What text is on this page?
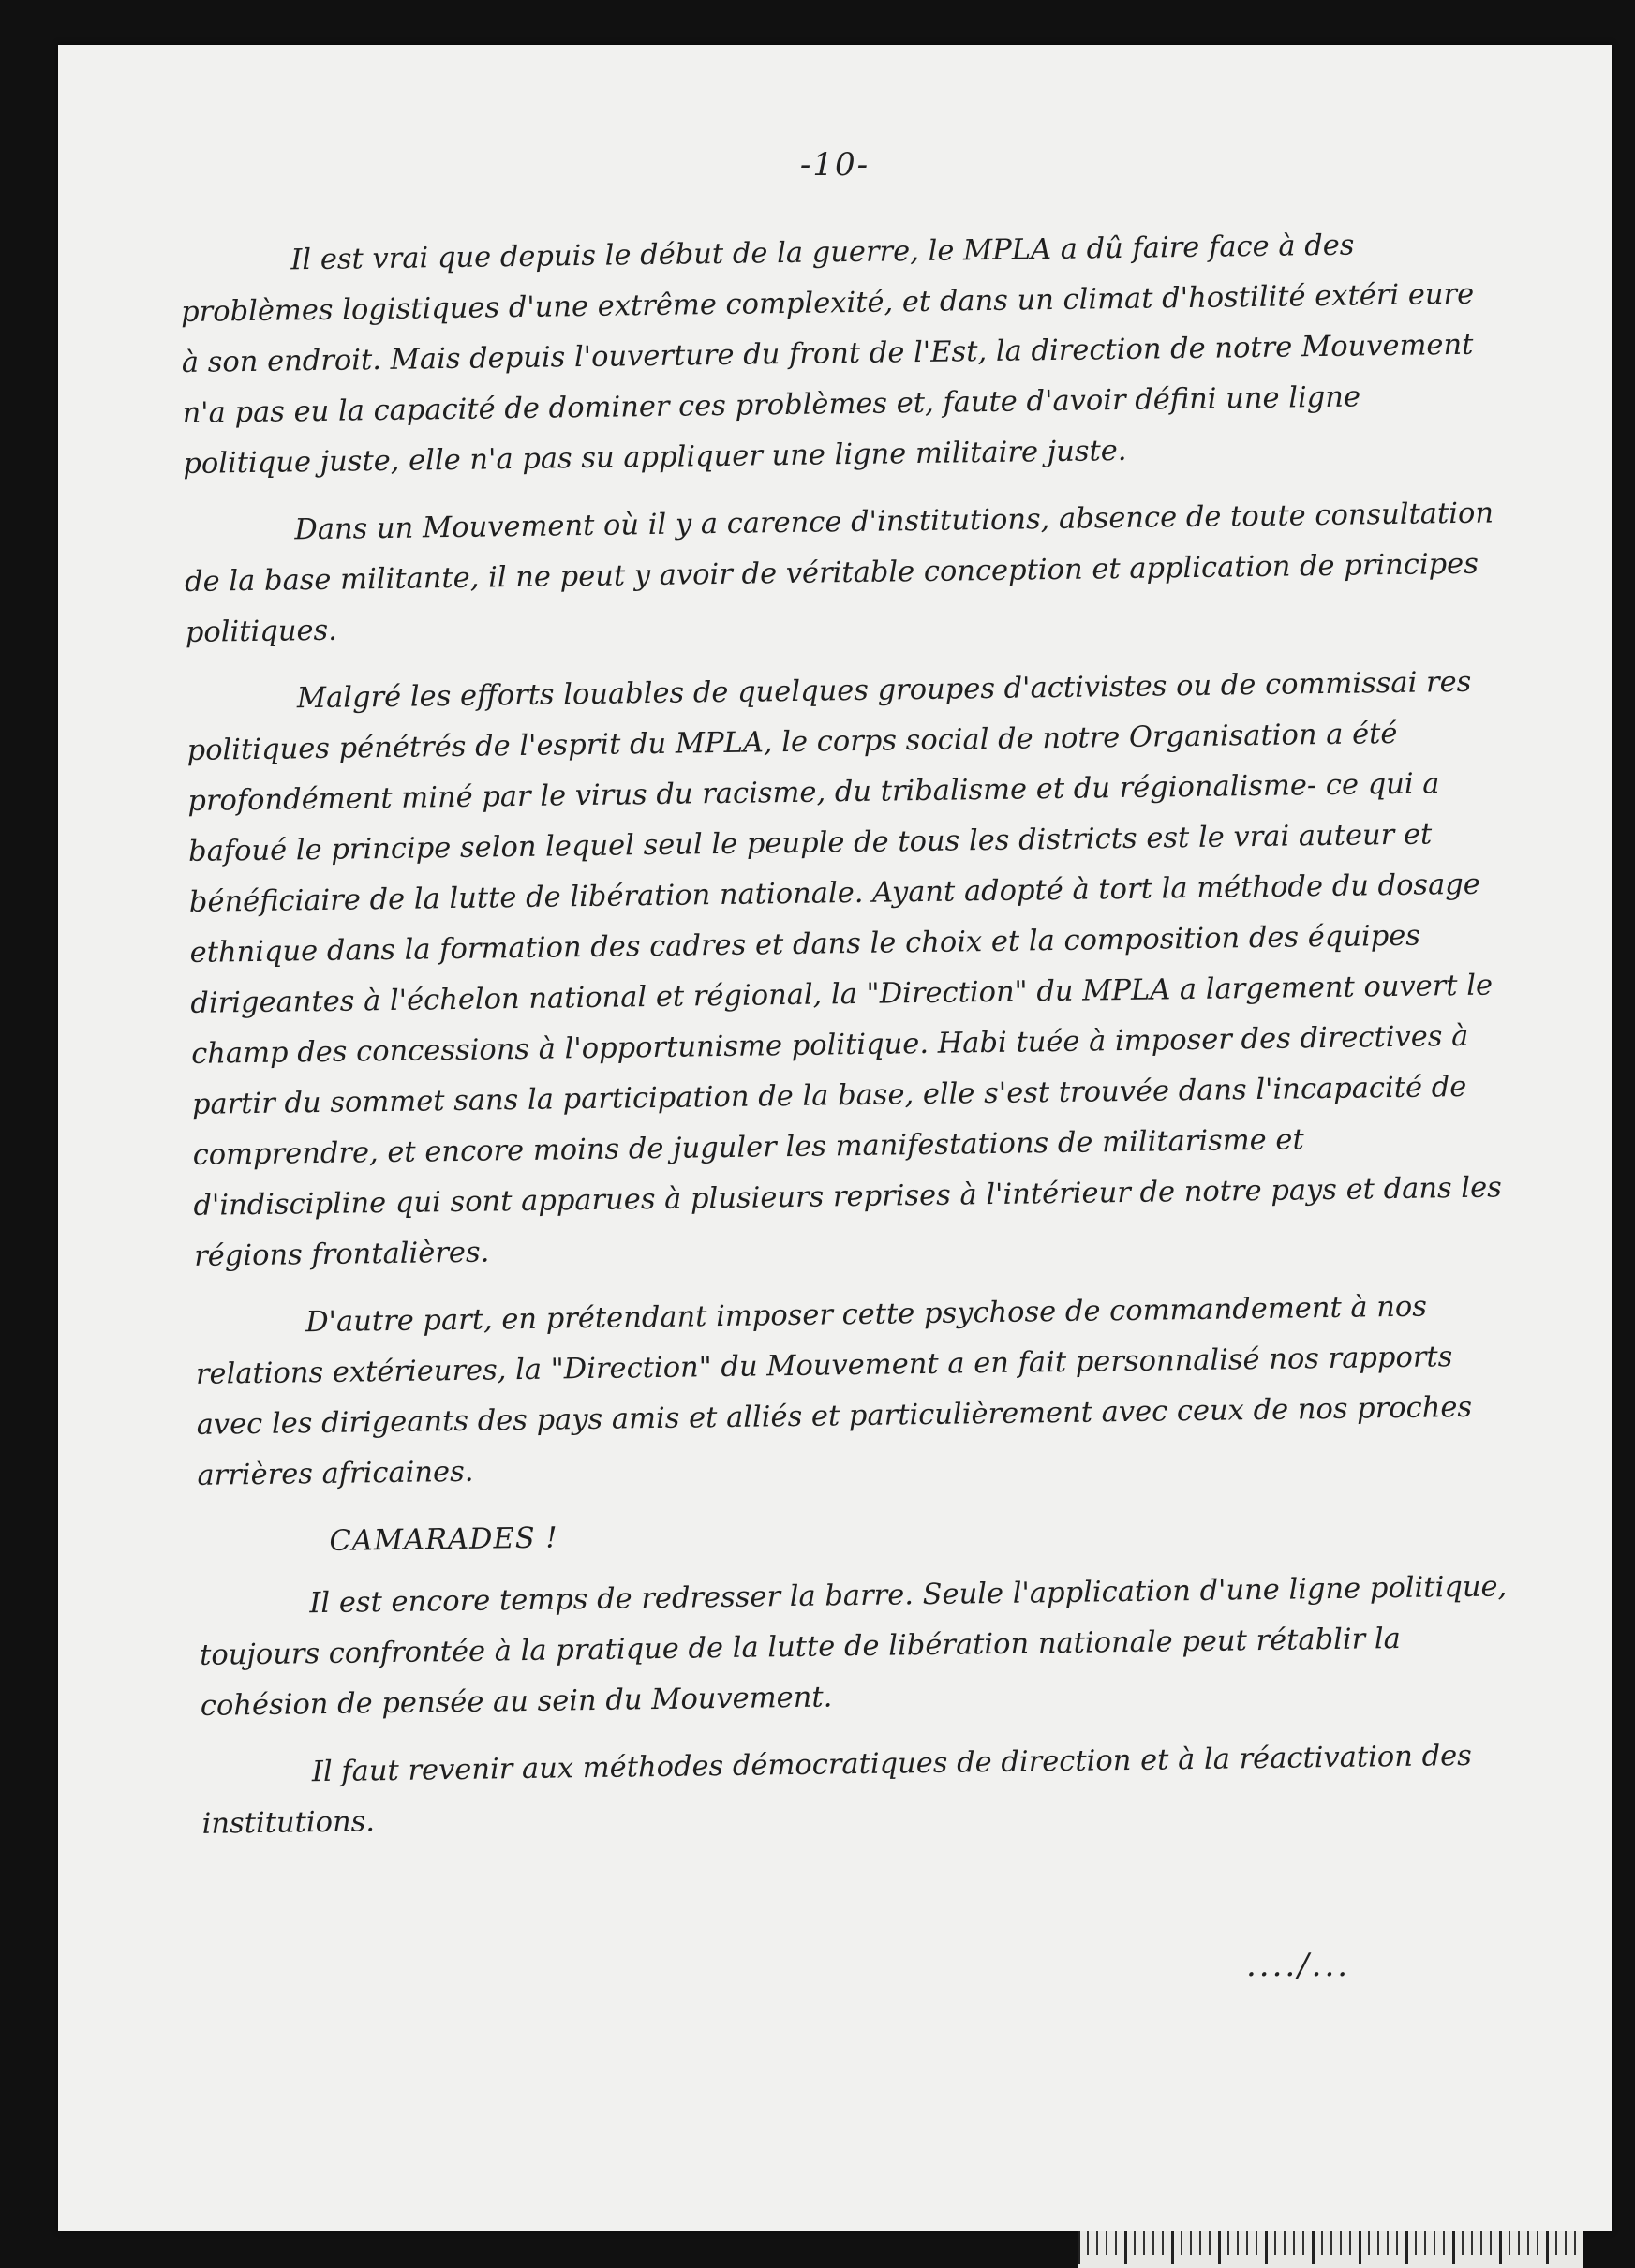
-10-

Il est vrai que depuis le début de la guerre, le MPLA a dû faire face à des problèmes logistiques d'une extrême complexité, et dans un climat d'hostilité extéri eure à son endroit. Mais depuis l'ouverture du front de l'Est, la direction de notre Mouvement n'a pas eu la capacité de dominer ces problèmes et, faute d'avoir défini une ligne politique juste, elle n'a pas su appliquer une ligne militaire juste.

Dans un Mouvement où il y a carence d'institutions, absence de toute consultation de la base militante, il ne peut y avoir de véritable conception et application de principes politiques.

Malgré les efforts louables de quelques groupes d'activistes ou de commissai res politiques pénétrés de l'esprit du MPLA, le corps social de notre Organisation a été profondément miné par le virus du racisme, du tribalisme et du régionalisme- ce qui a bafoué le principe selon lequel seul le peuple de tous les districts est le vrai auteur et bénéficiaire de la lutte de libération nationale. Ayant adopté à tort la méthode du dosage ethnique dans la formation des cadres et dans le choix et la composition des équipes dirigeantes à l'échelon national et régional, la "Direction" du MPLA a largement ouvert le champ des concessions à l'opportunisme politique. Habi tuée à imposer des directives à partir du sommet sans la participation de la base, elle s'est trouvée dans l'incapacité de comprendre, et encore moins de juguler les manifestations de militarisme et d'indiscipline qui sont apparues à plusieurs reprises à l'intérieur de notre pays et dans les régions frontalières.

D'autre part, en prétendant imposer cette psychose de commandement à nos relations extérieures, la "Direction" du Mouvement a en fait personnalisé nos rapports avec les dirigeants des pays amis et alliés et particulièrement avec ceux de nos proches arrières africaines.

CAMARADES !

Il est encore temps de redresser la barre. Seule l'application d'une ligne politique, toujours confrontée à la pratique de la lutte de libération nationale peut rétablir la cohésion de pensée au sein du Mouvement.

Il faut revenir aux méthodes démocratiques de direction et à la réactivation des institutions.

..../...
